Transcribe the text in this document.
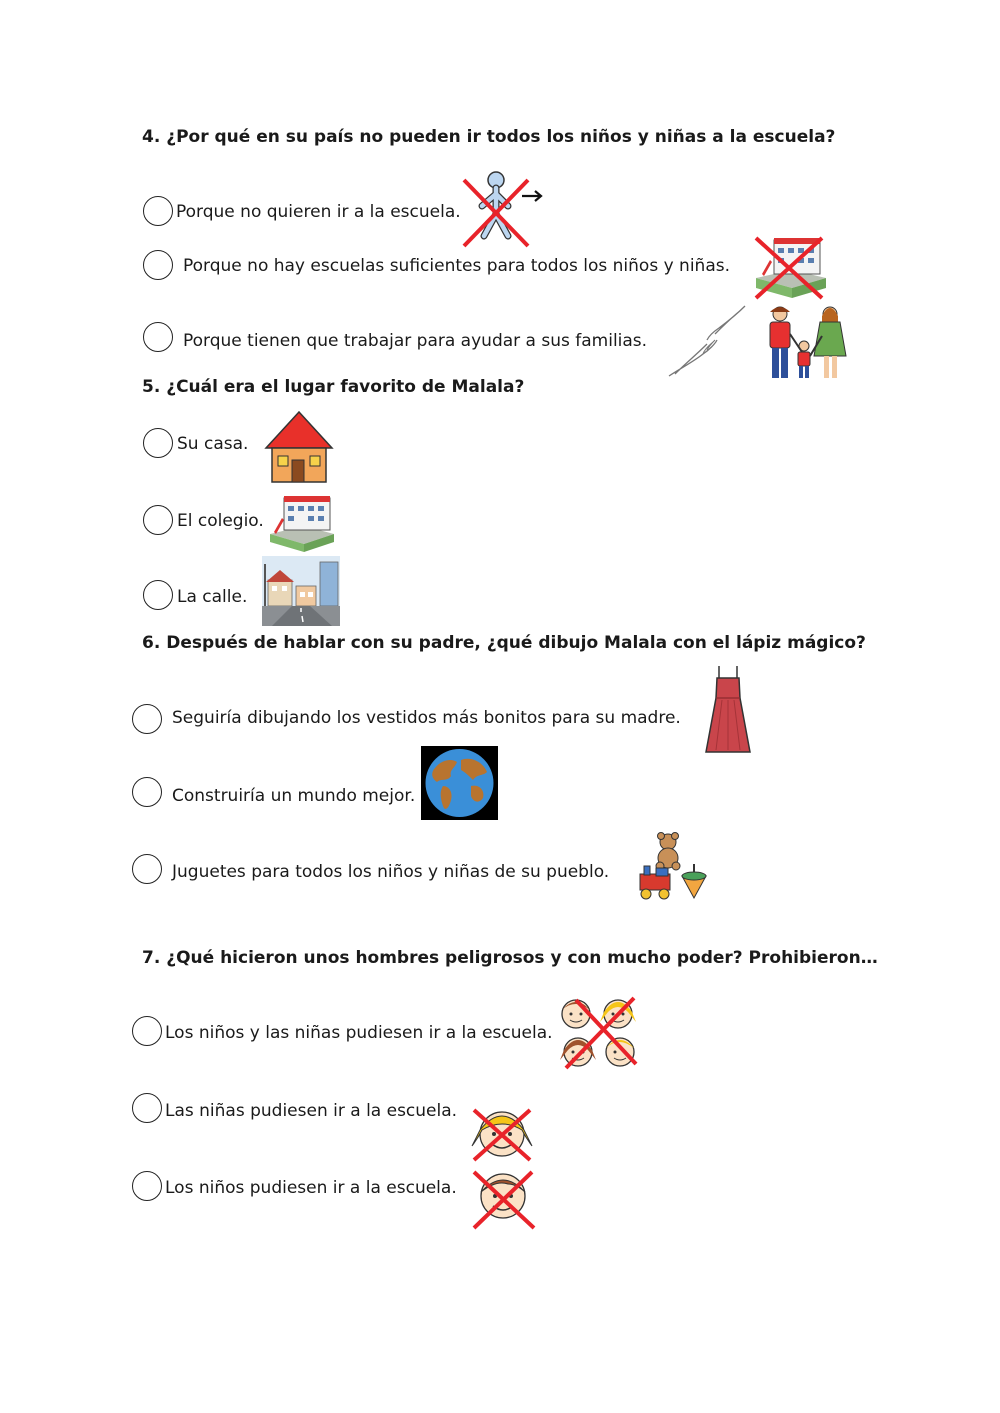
4. ¿Por qué en su país no pueden ir todos los niños y niñas a la escuela?
Porque no quieren ir a la escuela.
Porque no hay escuelas suficientes para todos los niños y niñas.
Porque tienen que trabajar para ayudar a sus familias.
5. ¿Cuál era el lugar favorito de Malala?
Su casa.
El colegio.
La calle.
6. Después de hablar con su padre, ¿qué dibujo Malala con el lápiz mágico?
Seguiría dibujando los vestidos más bonitos para su madre.
Construiría un mundo mejor.
Juguetes para todos los niños y niñas de su pueblo.
7. ¿Qué hicieron unos hombres peligrosos y con mucho poder? Prohibieron…
Los niños y las niñas pudiesen ir a la escuela.
Las niñas pudiesen ir a la escuela.
Los niños pudiesen ir a la escuela.
